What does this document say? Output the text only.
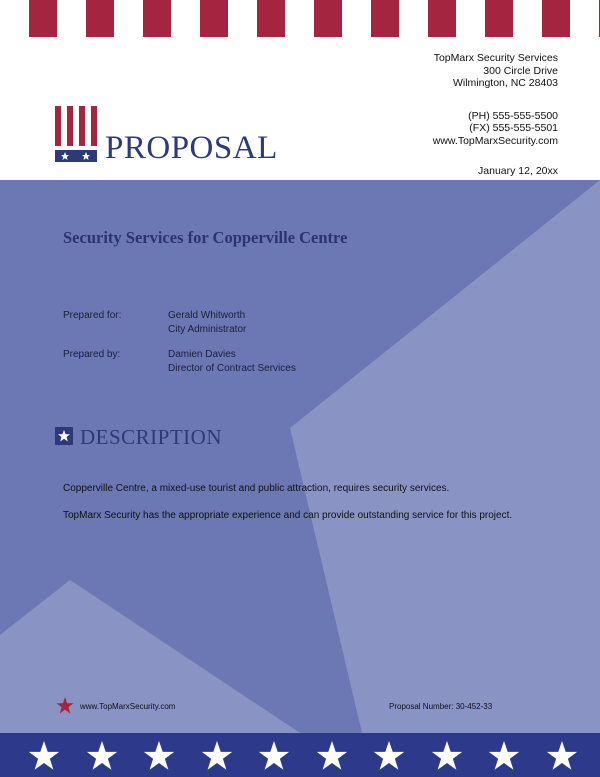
TopMarx Security Services
300 Circle Drive
Wilmington, NC 28403
(PH) 555-555-5500
(FX) 555-555-5501
www.TopMarxSecurity.com
PROPOSAL
January 12, 20xx
Security Services for Copperville Centre
Prepared for:	Gerald Whitworth
City Administrator
Prepared by:	Damien Davies
Director of Contract Services
DESCRIPTION
Copperville Centre, a mixed-use tourist and public attraction, requires security services.
TopMarx Security has the appropriate experience and can provide outstanding service for this project.
www.TopMarxSecurity.com	Proposal Number: 30-452-33
